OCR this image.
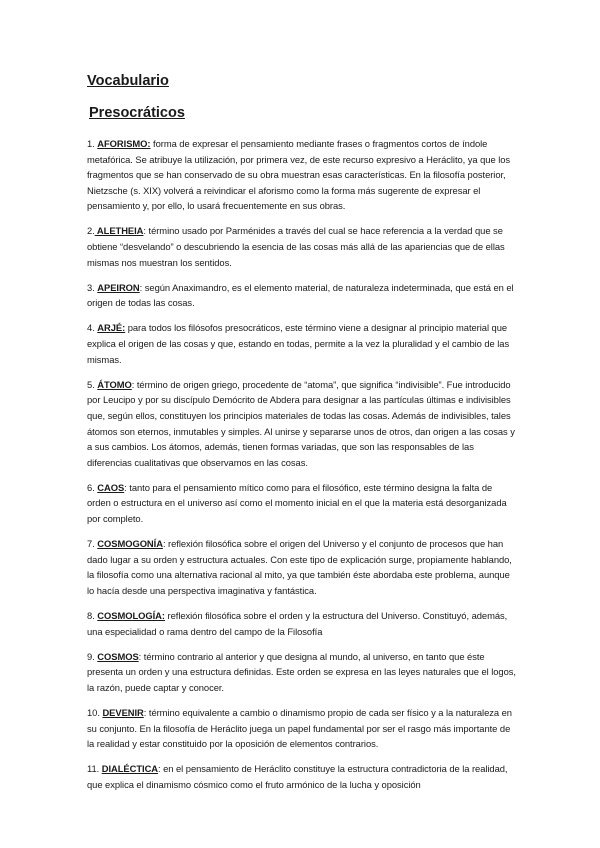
Vocabulario
Presocráticos

1. AFORISMO: forma de expresar el pensamiento mediante frases o fragmentos cortos de índole metafórica. Se atribuye la utilización, por primera vez, de este recurso expresivo a Heráclito, ya que los fragmentos que se han conservado de su obra muestran esas características. En la filosofía posterior, Nietzsche (s. XIX) volverá a reivindicar el aforismo como la forma más sugerente de expresar el pensamiento y, por ello, lo usará frecuentemente en sus obras.

2. ALETHEIA: término usado por Parménides a través del cual se hace referencia a la verdad que se obtiene “desvelando” o descubriendo la esencia de las cosas más allá de las apariencias que de ellas mismas nos muestran los sentidos.

3. APEIRON: según Anaximandro, es el elemento material, de naturaleza indeterminada, que está en el origen de todas las cosas.

4. ARJÉ: para todos los filósofos presocráticos, este término viene a designar al principio material que explica el origen de las cosas y que, estando en todas, permite a la vez la pluralidad y el cambio de las mismas.

5. ÁTOMO: término de origen griego, procedente de “atoma”, que significa “indivisible”. Fue introducido por Leucipo y por su discípulo Demócrito de Abdera para designar a las partículas últimas e indivisibles que, según ellos, constituyen los principios materiales de todas las cosas. Además de indivisibles, tales átomos son eternos, inmutables y simples. Al unirse y separarse unos de otros, dan origen a las cosas y a sus cambios. Los átomos, además, tienen formas variadas, que son las responsables de las diferencias cualitativas que observamos en las cosas.

6. CAOS: tanto para el pensamiento mítico como para el filosófico, este término designa la falta de orden o estructura en el universo así como el momento inicial en el que la materia está desorganizada por completo.

7. COSMOGONÍA: reflexión filosófica sobre el origen del Universo y el conjunto de procesos que han dado lugar a su orden y estructura actuales. Con este tipo de explicación surge, propiamente hablando, la filosofía como una alternativa racional al mito, ya que también éste abordaba este problema, aunque lo hacía desde una perspectiva imaginativa y fantástica.

8. COSMOLOGÍA: reflexión filosófica sobre el orden y la estructura del Universo. Constituyó, además, una especialidad o rama dentro del campo de la Filosofía

9. COSMOS: término contrario al anterior y que designa al mundo, al universo, en tanto que éste presenta un orden y una estructura definidas. Este orden se expresa en las leyes naturales que el logos, la razón, puede captar y conocer.

10. DEVENIR: término equivalente a cambio o dinamismo propio de cada ser físico y a la naturaleza en su conjunto. En la filosofía de Heráclito juega un papel fundamental por ser el rasgo más importante de la realidad y estar constituido por la oposición de elementos contrarios.

11. DIALÉCTICA: en el pensamiento de Heráclito constituye la estructura contradictoria de la realidad, que explica el dinamismo cósmico como el fruto armónico de la lucha y oposición
